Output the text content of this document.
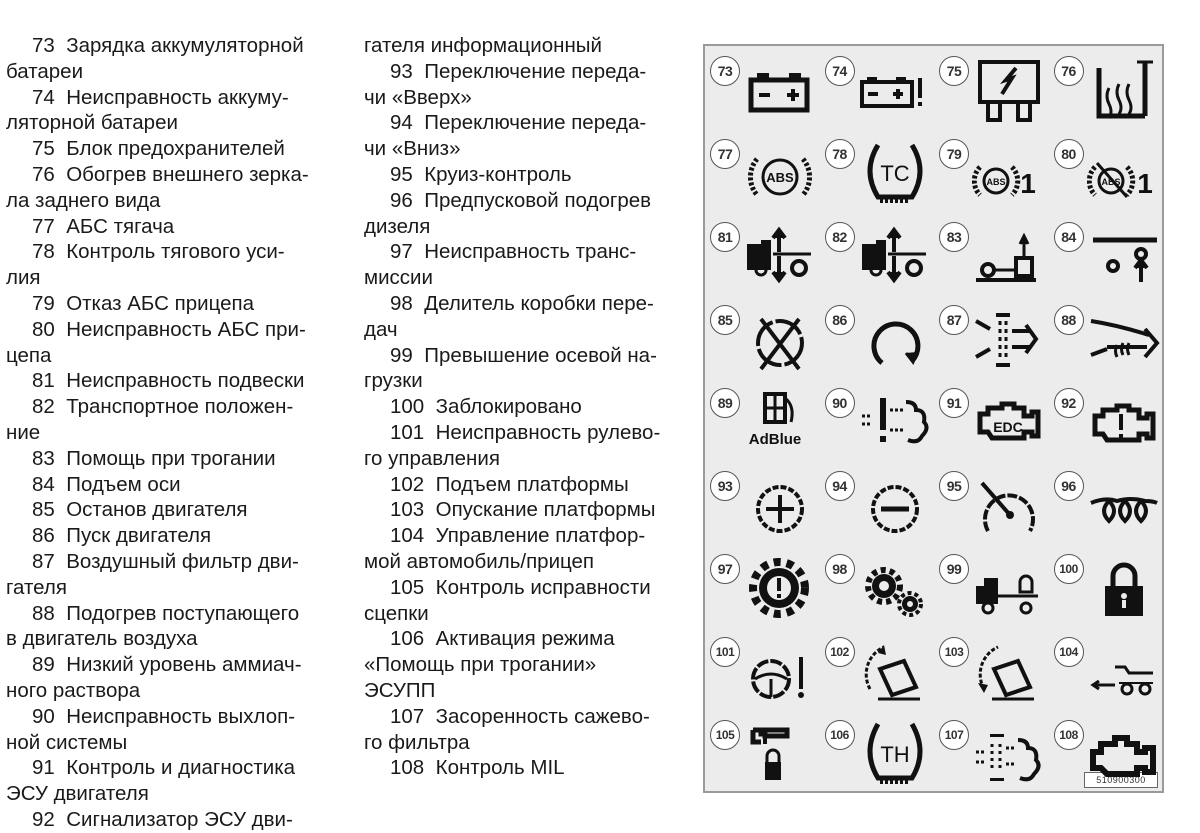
73 Зарядка аккумуляторной
батареи
74 Неисправность аккуму-
ляторной батареи
75 Блок предохранителей
76 Обогрев внешнего зерка-
ла заднего вида
77 АБС тягача
78 Контроль тягового уси-
лия
79 Отказ АБС прицепа
80 Неисправность АБС при-
цепа
81 Неисправность подвески
82 Транспортное положен-
ние
83 Помощь при трогании
84 Подъем оси
85 Останов двигателя
86 Пуск двигателя
87 Воздушный фильтр дви-
гателя
88 Подогрев поступающего
в двигатель воздуха
89 Низкий уровень аммиач-
ного раствора
90 Неисправность выхлоп-
ной системы
91 Контроль и диагностика
ЭСУ двигателя
92 Сигнализатор ЭСУ дви-
гателя информационный
93 Переключение переда-
чи «Вверх»
94 Переключение переда-
чи «Вниз»
95 Круиз-контроль
96 Предпусковой подогрев
дизеля
97 Неисправность транс-
миссии
98 Делитель коробки пере-
дач
99 Превышение осевой на-
грузки
100 Заблокировано
101 Неисправность рулево-
го управления
102 Подъем платформы
103 Опускание платформы
104 Управление платфор-
мой автомобиль/прицеп
105 Контроль исправности
сцепки
106 Активация режима
«Помощь при трогании»
ЭСУПП
107 Засоренность сажево-
го фильтра
108 Контроль MIL
510900300
73	74	75	76
77
ABS
78
TC
79
ABS 1
80
ABS 1
81	82	83	84
85	86	87	88
89
AdBlue
90	91
EDC
92
93	94	95	96
97	98	99	100
101	102	103	104
105	106
TH
107	108
